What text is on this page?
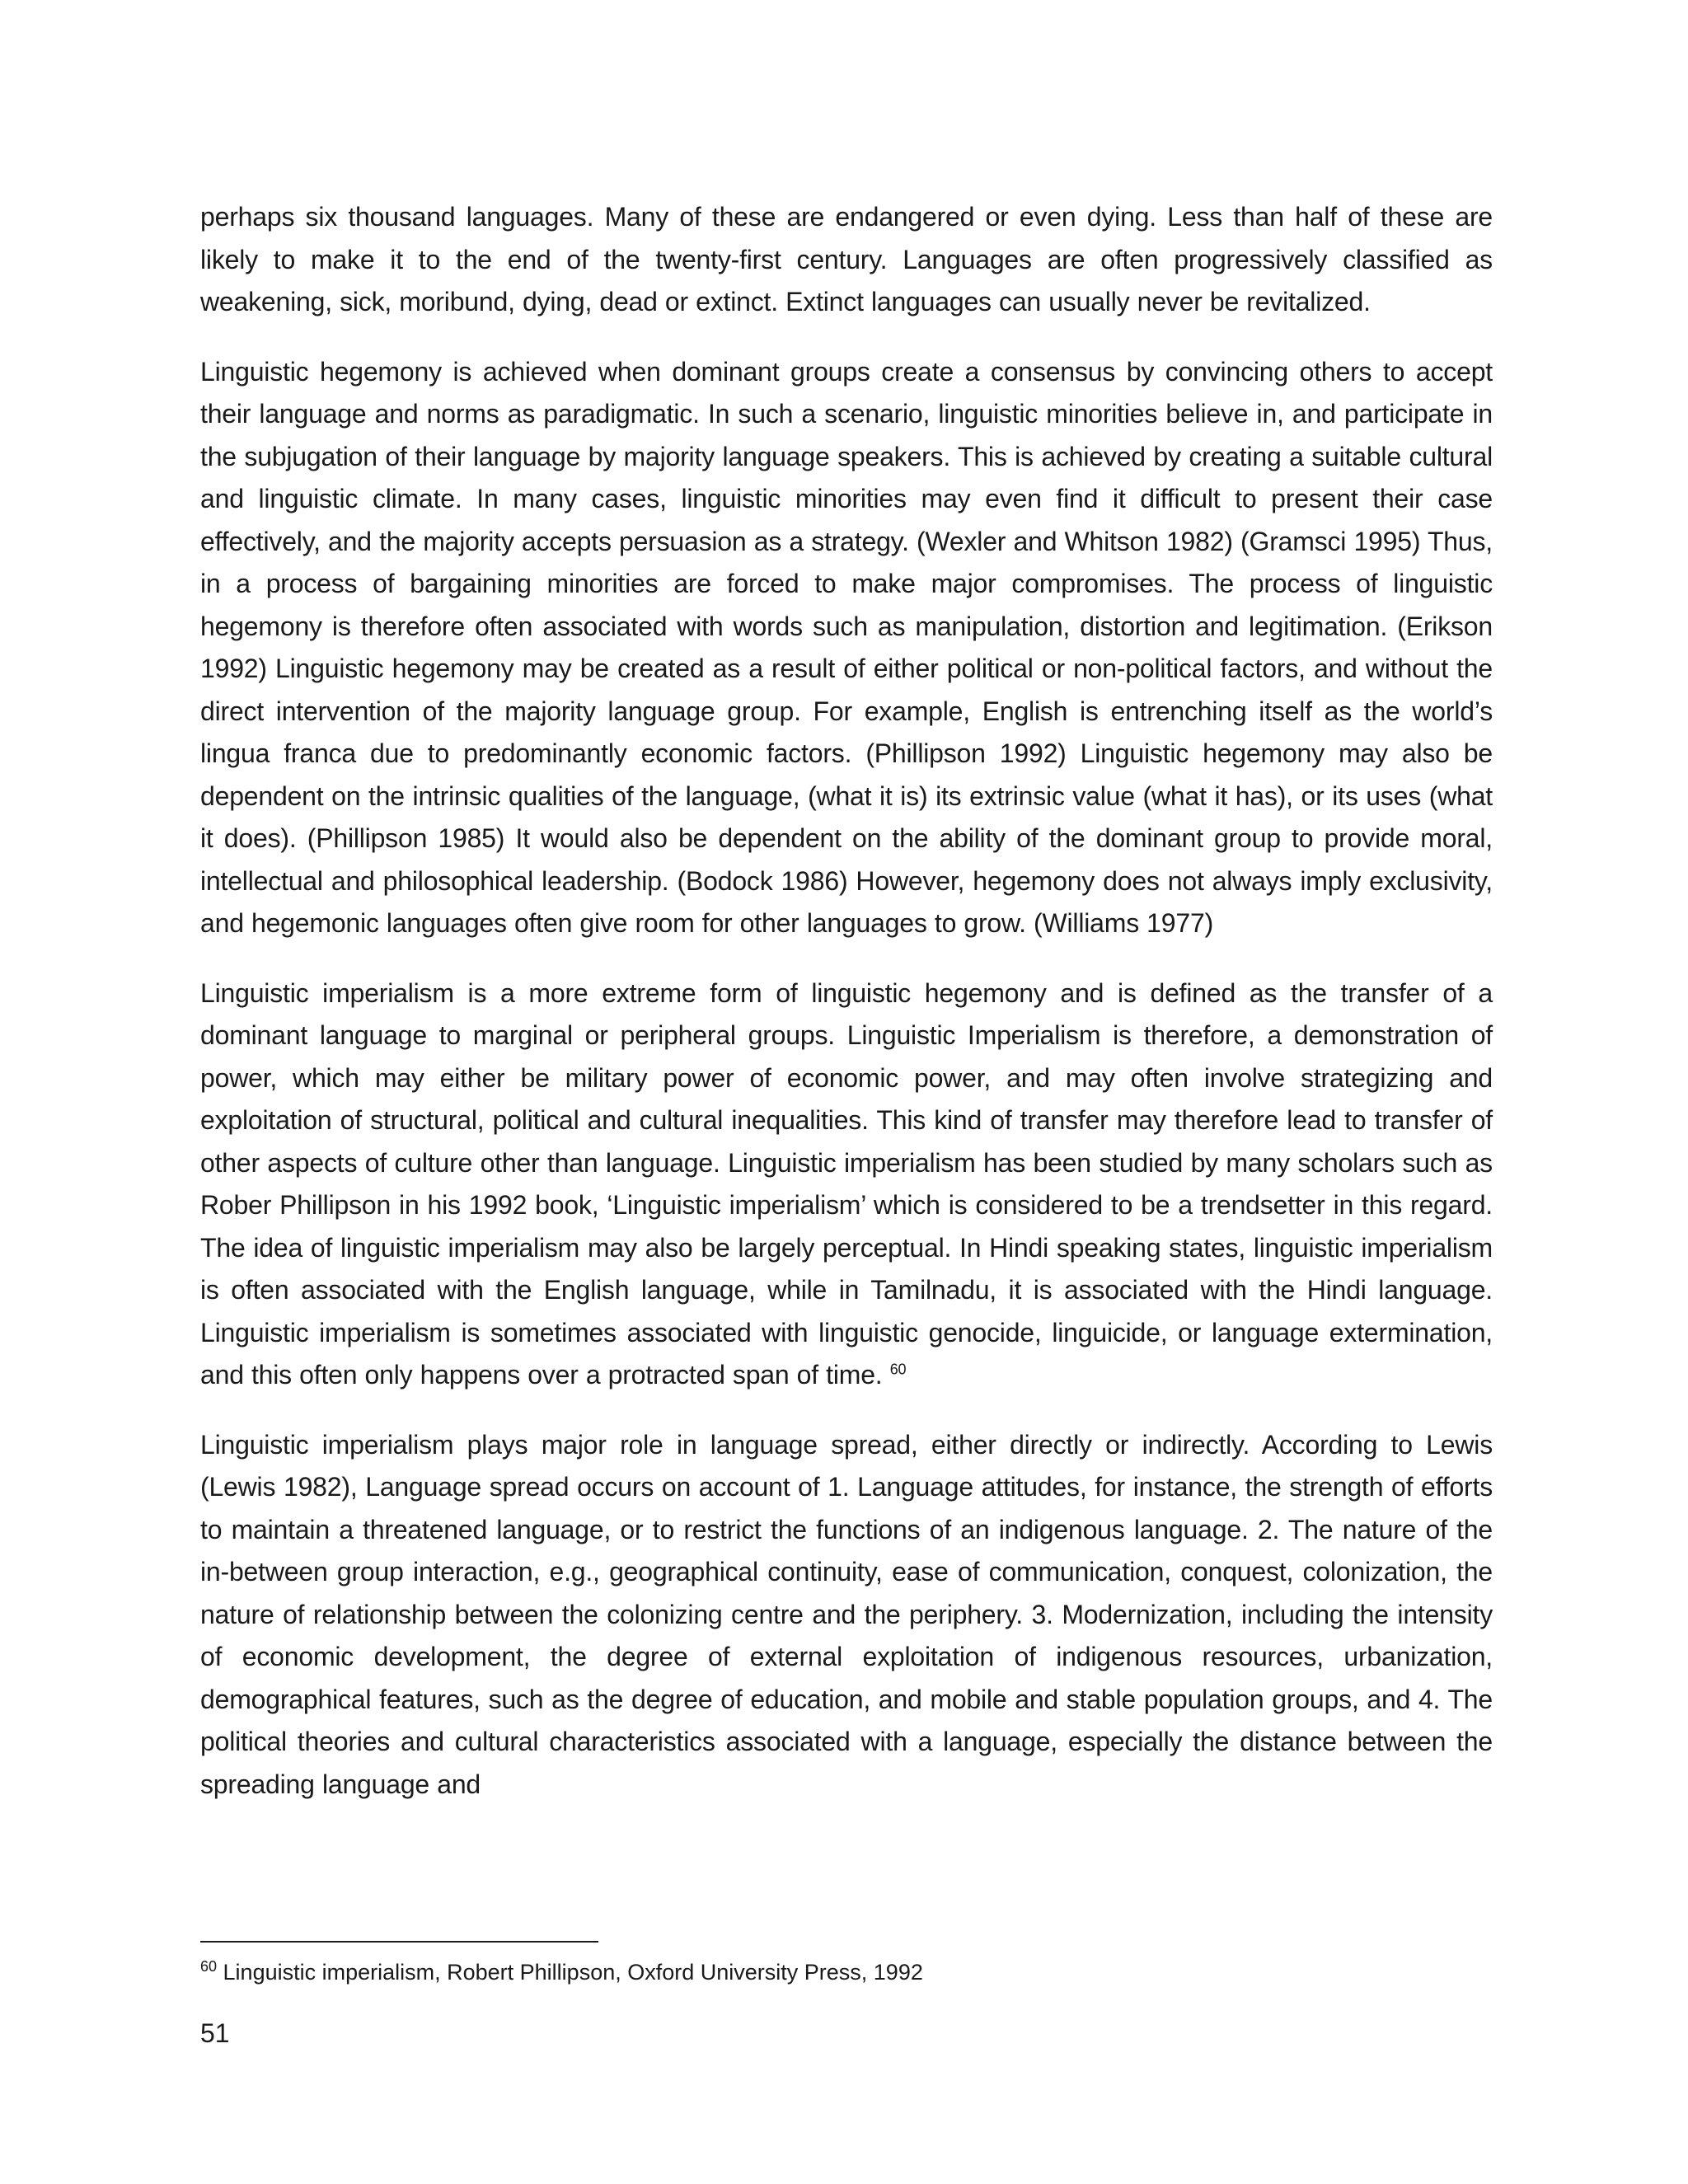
perhaps six thousand languages. Many of these are endangered or even dying. Less than half of these are likely to make it to the end of the twenty-first century. Languages are often progressively classified as weakening, sick, moribund, dying, dead or extinct. Extinct languages can usually never be revitalized.

Linguistic hegemony is achieved when dominant groups create a consensus by convincing others to accept their language and norms as paradigmatic. In such a scenario, linguistic minorities believe in, and participate in the subjugation of their language by majority language speakers. This is achieved by creating a suitable cultural and linguistic climate. In many cases, linguistic minorities may even find it difficult to present their case effectively, and the majority accepts persuasion as a strategy. (Wexler and Whitson 1982) (Gramsci 1995) Thus, in a process of bargaining minorities are forced to make major compromises. The process of linguistic hegemony is therefore often associated with words such as manipulation, distortion and legitimation. (Erikson 1992) Linguistic hegemony may be created as a result of either political or non-political factors, and without the direct intervention of the majority language group. For example, English is entrenching itself as the world’s lingua franca due to predominantly economic factors. (Phillipson 1992) Linguistic hegemony may also be dependent on the intrinsic qualities of the language, (what it is) its extrinsic value (what it has), or its uses (what it does). (Phillipson 1985) It would also be dependent on the ability of the dominant group to provide moral, intellectual and philosophical leadership. (Bodock 1986) However, hegemony does not always imply exclusivity, and hegemonic languages often give room for other languages to grow. (Williams 1977)

Linguistic imperialism is a more extreme form of linguistic hegemony and is defined as the transfer of a dominant language to marginal or peripheral groups. Linguistic Imperialism is therefore, a demonstration of power, which may either be military power of economic power, and may often involve strategizing and exploitation of structural, political and cultural inequalities. This kind of transfer may therefore lead to transfer of other aspects of culture other than language. Linguistic imperialism has been studied by many scholars such as Rober Phillipson in his 1992 book, ‘Linguistic imperialism’ which is considered to be a trendsetter in this regard. The idea of linguistic imperialism may also be largely perceptual. In Hindi speaking states, linguistic imperialism is often associated with the English language, while in Tamilnadu, it is associated with the Hindi language. Linguistic imperialism is sometimes associated with linguistic genocide, linguicide, or language extermination, and this often only happens over a protracted span of time. $^{60}$

Linguistic imperialism plays major role in language spread, either directly or indirectly. According to Lewis (Lewis 1982), Language spread occurs on account of 1. Language attitudes, for instance, the strength of efforts to maintain a threatened language, or to restrict the functions of an indigenous language. 2. The nature of the in-between group interaction, e.g., geographical continuity, ease of communication, conquest, colonization, the nature of relationship between the colonizing centre and the periphery. 3. Modernization, including the intensity of economic development, the degree of external exploitation of indigenous resources, urbanization, demographical features, such as the degree of education, and mobile and stable population groups, and 4. The political theories and cultural characteristics associated with a language, especially the distance between the spreading language and

$^{60}$ Linguistic imperialism, Robert Phillipson, Oxford University Press, 1992
51
